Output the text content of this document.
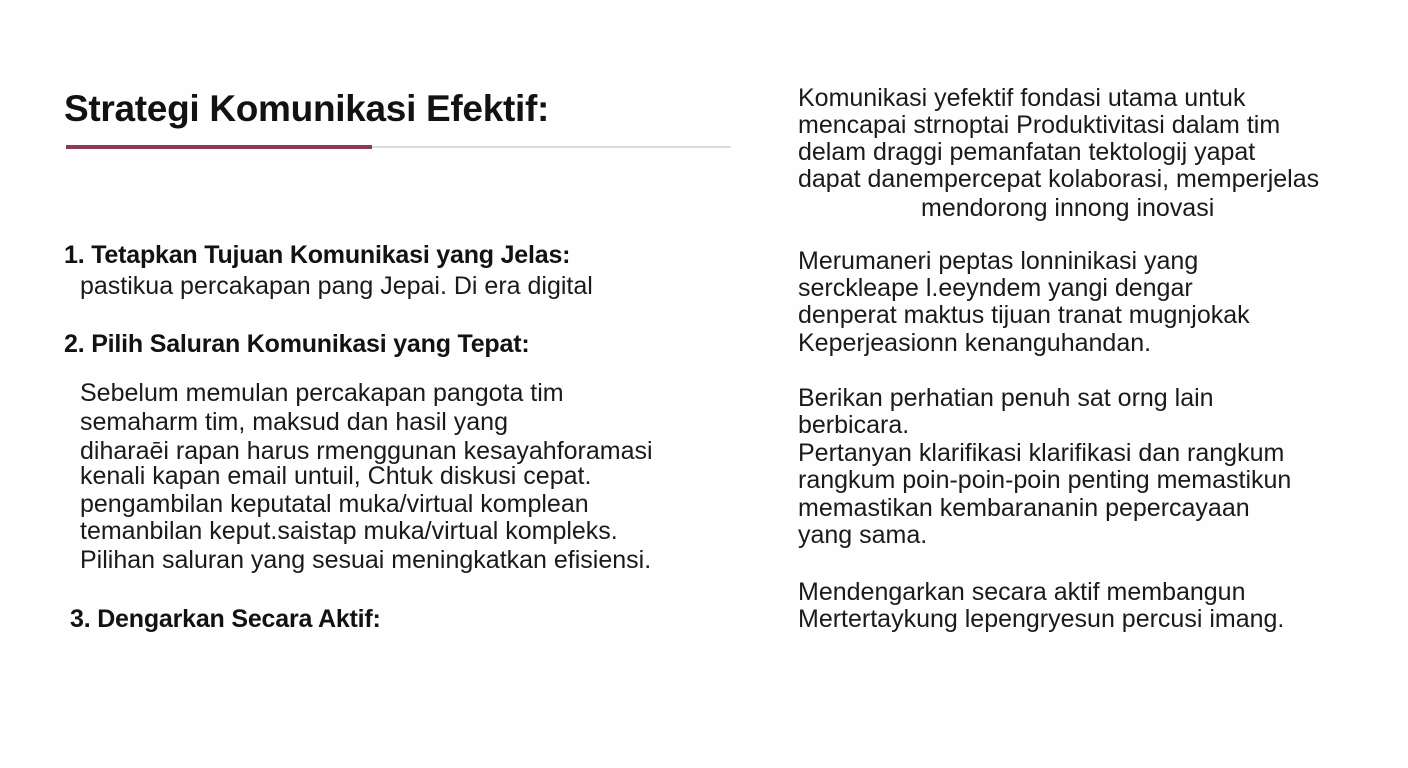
Strategi Komunikasi Efektif:
1. Tetapkan Tujuan Komunikasi yang Jelas:
pastikua percakapan pang Jepai. Di era digital
2. Pilih Saluran Komunikasi yang Tepat:
Sebelum memulan percakapan pangota tim
semaharm tim, maksud dan hasil yang
diharaēi rapan harus rmenggunan kesayahforamasi
kenali kapan email untuil, Chtuk diskusi cepat.
pengambilan keputatal muka/virtual komplean
temanbilan keput.saistap muka/virtual kompleks.
Pilihan saluran yang sesuai meningkatkan efisiensi.
3. Dengarkan Secara Aktif:
Komunikasi yefektif fondasi utama untuk
mencapai strnoptai Produktivitasi dalam tim
delam draggi pemanfatan tektologij yapat
dapat danempercepat kolaborasi, memperjelas
mendorong innong inovasi
Merumaneri peptas lonninikasi yang
serckleape l.eeyndem yangi dengar
denperat maktus tijuan tranat mugnjokak
Keperjeasionn kenanguhandan.
Berikan perhatian penuh sat orng lain
berbicara.
Pertanyan klarifikasi klarifikasi dan rangkum
rangkum poin-poin-poin penting memastikun
memastikan kembarananin pepercayaan
yang sama.
Mendengarkan secara aktif membangun
Mertertaykung lepengryesun percusi imang.
